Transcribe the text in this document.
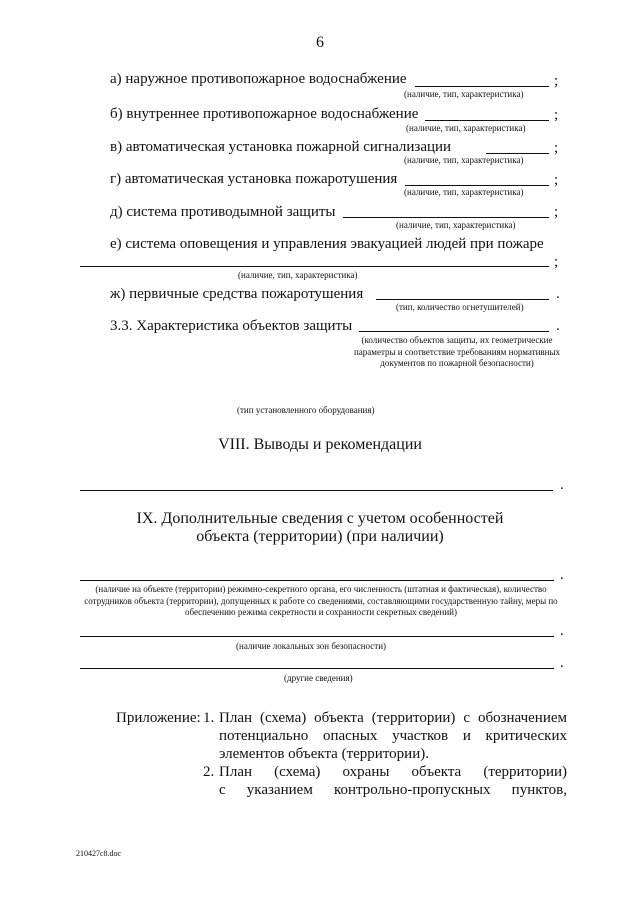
6
а) наружное противопожарное водоснабжение	;
(наличие, тип, характеристика)
б) внутреннее противопожарное водоснабжение	;
(наличие, тип, характеристика)
в) автоматическая установка пожарной сигнализации	;
(наличие, тип, характеристика)
г) автоматическая установка пожаротушения	;
(наличие, тип, характеристика)
д) система противодымной защиты	;
(наличие, тип, характеристика)
е) система оповещения и управления эвакуацией людей при пожаре
;
(наличие, тип, характеристика)
ж) первичные средства пожаротушения	.
(тип, количество огнетушителей)
3.3. Характеристика объектов защиты	.
(количество объектов защиты, их геометрические параметры и соответствие требованиям нормативных документов по пожарной безопасности)
(тип установленного оборудования)
VIII. Выводы и рекомендации
.
IX. Дополнительные сведения с учетом особенностей
объекта (территории) (при наличии)
.
(наличие на объекте (территории) режимно-секретного органа, его численность (штатная и фактическая), количество сотрудников объекта (территории), допущенных к работе со сведениями, составляющими государственную тайну, меры по обеспечению режима секретности и сохранности секретных сведений)
.
(наличие локальных зон безопасности)
.
(другие сведения)
Приложение: 1. План (схема) объекта (территории) с обозначением
потенциально опасных участков и критических
элементов объекта (территории).
2. План (схема) охраны объекта (территории)
с указанием контрольно-пропускных пунктов,
210427c8.doc
